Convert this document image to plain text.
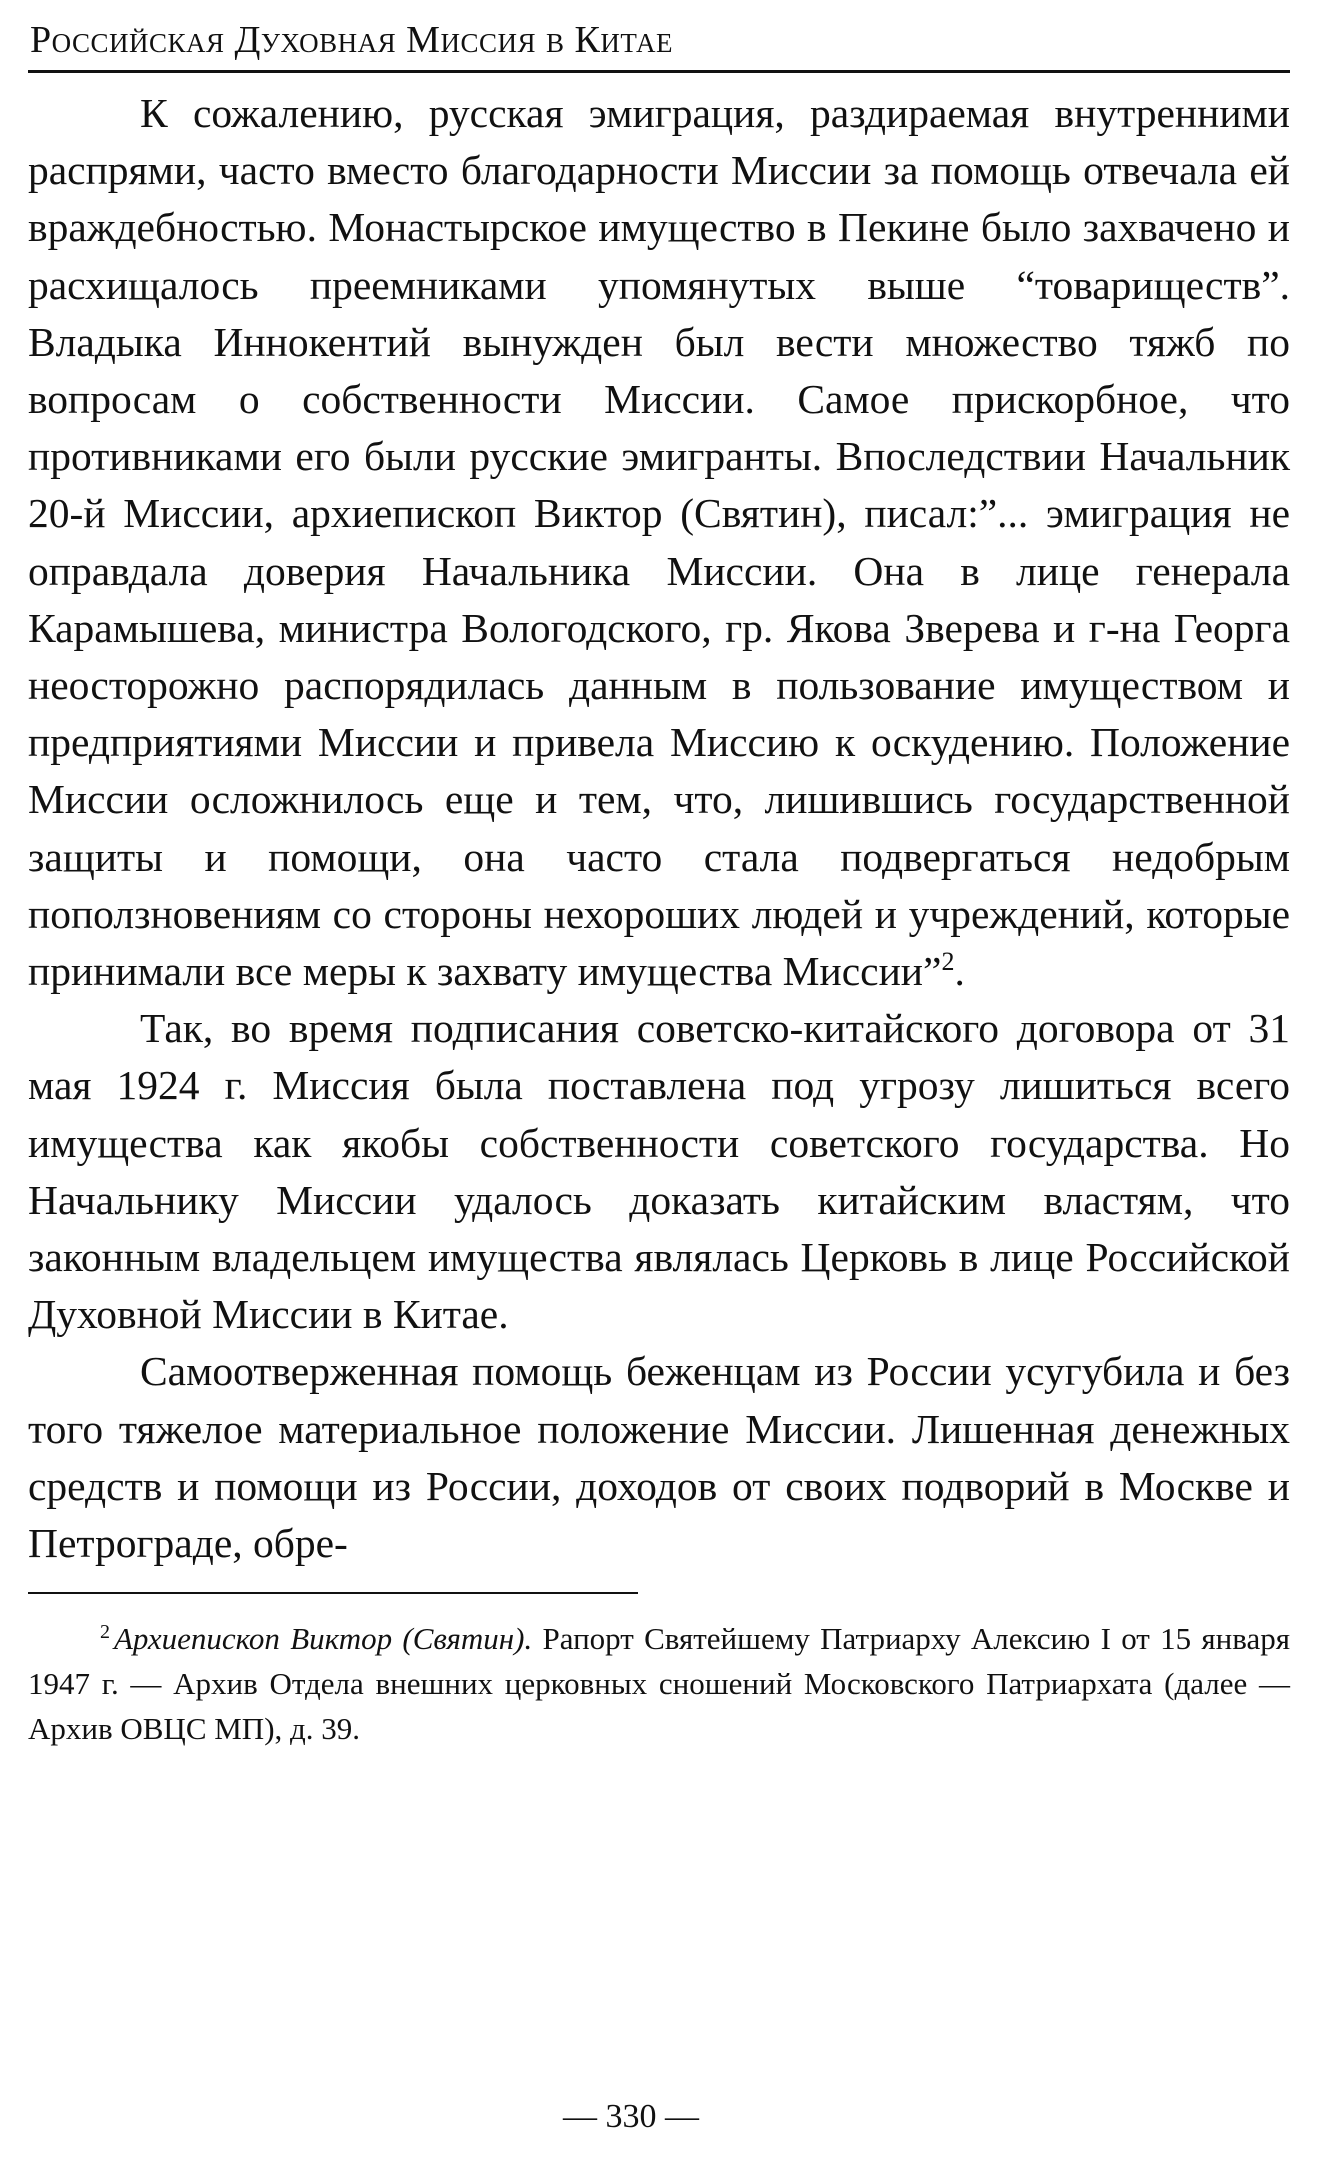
Российская Духовная Миссия в Китае

К сожалению, русская эмиграция, раздираемая внутренними распрями, часто вместо благодарности Миссии за помощь отвечала ей враждебностью. Монастырское имущество в Пекине было захвачено и расхищалось преемниками упомянутых выше “товариществ”. Владыка Иннокентий вынужден был вести множество тяжб по вопросам о собственности Миссии. Самое прискорбное, что противниками его были русские эмигранты. Впоследствии Начальник 20-й Миссии, архиепископ Виктор (Святин), писал:”... эмиграция не оправдала доверия Начальника Миссии. Она в лице генерала Карамышева, министра Вологодского, гр. Якова Зверева и г-на Георга неосторожно распорядилась данным в пользование имуществом и предприятиями Миссии и привела Миссию к оскудению. Положение Миссии осложнилось еще и тем, что, лишившись государственной защиты и помощи, она часто стала подвергаться недобрым поползновениям со стороны нехороших людей и учреждений, которые принимали все меры к захвату имущества Миссии”$^2$.

Так, во время подписания советско-китайского договора от 31 мая 1924 г. Миссия была поставлена под угрозу лишиться всего имущества как якобы собственности советского государства. Но Начальнику Миссии удалось доказать китайским властям, что законным владельцем имущества являлась Церковь в лице Российской Духовной Миссии в Китае.

Самоотверженная помощь беженцам из России усугубила и без того тяжелое материальное положение Миссии. Лишенная денежных средств и помощи из России, доходов от своих подворий в Москве и Петрограде, обре-

$^2$ Архиепископ Виктор (Святин). Рапорт Святейшему Патриарху Алексию I от 15 января 1947 г. — Архив Отдела внешних церковных сношений Московского Патриархата (далее — Архив ОВЦС МП), д. 39.

— 330 —
